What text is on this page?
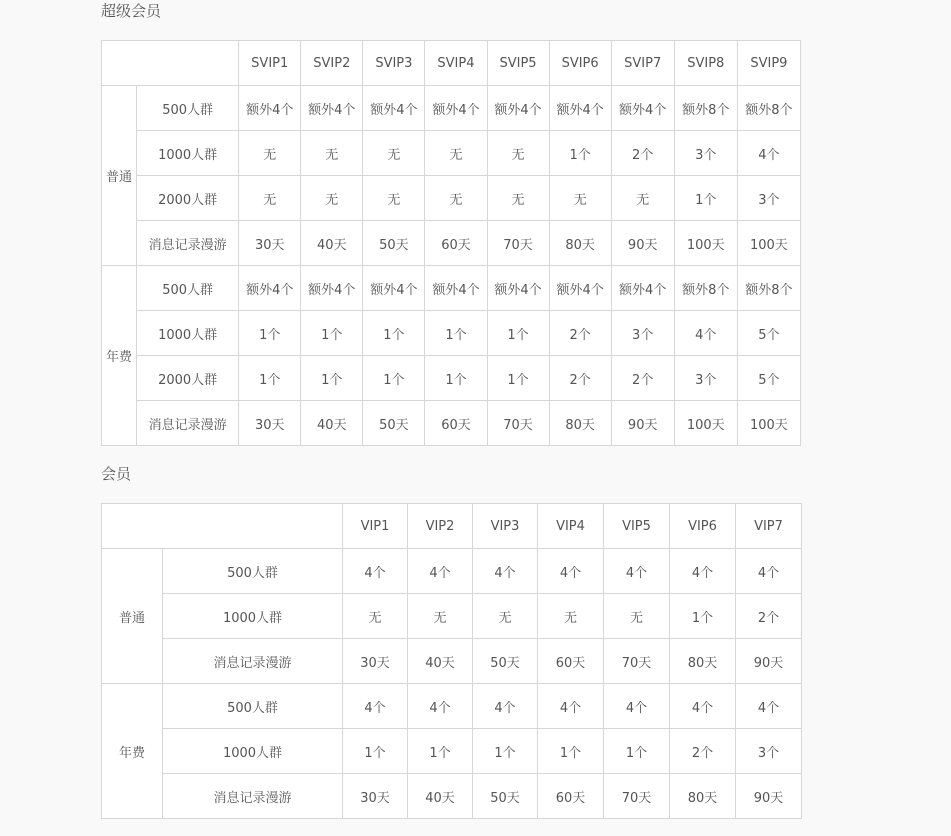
超级会员
		SVIP1	SVIP2	SVIP3	SVIP4	SVIP5	SVIP6	SVIP7	SVIP8	SVIP9
普通	500人群	额外4个	额外4个	额外4个	额外4个	额外4个	额外4个	额外4个	额外8个	额外8个
	1000人群	无	无	无	无	无	1个	2个	3个	4个
	2000人群	无	无	无	无	无	无	无	1个	3个
	消息记录漫游	30天	40天	50天	60天	70天	80天	90天	100天	100天
年费	500人群	额外4个	额外4个	额外4个	额外4个	额外4个	额外4个	额外4个	额外8个	额外8个
	1000人群	1个	1个	1个	1个	1个	2个	3个	4个	5个
	2000人群	1个	1个	1个	1个	1个	2个	2个	3个	5个
	消息记录漫游	30天	40天	50天	60天	70天	80天	90天	100天	100天
会员
		VIP1	VIP2	VIP3	VIP4	VIP5	VIP6	VIP7
普通	500人群	4个	4个	4个	4个	4个	4个	4个
	1000人群	无	无	无	无	无	1个	2个
	消息记录漫游	30天	40天	50天	60天	70天	80天	90天
年费	500人群	4个	4个	4个	4个	4个	4个	4个
	1000人群	1个	1个	1个	1个	1个	2个	3个
	消息记录漫游	30天	40天	50天	60天	70天	80天	90天
